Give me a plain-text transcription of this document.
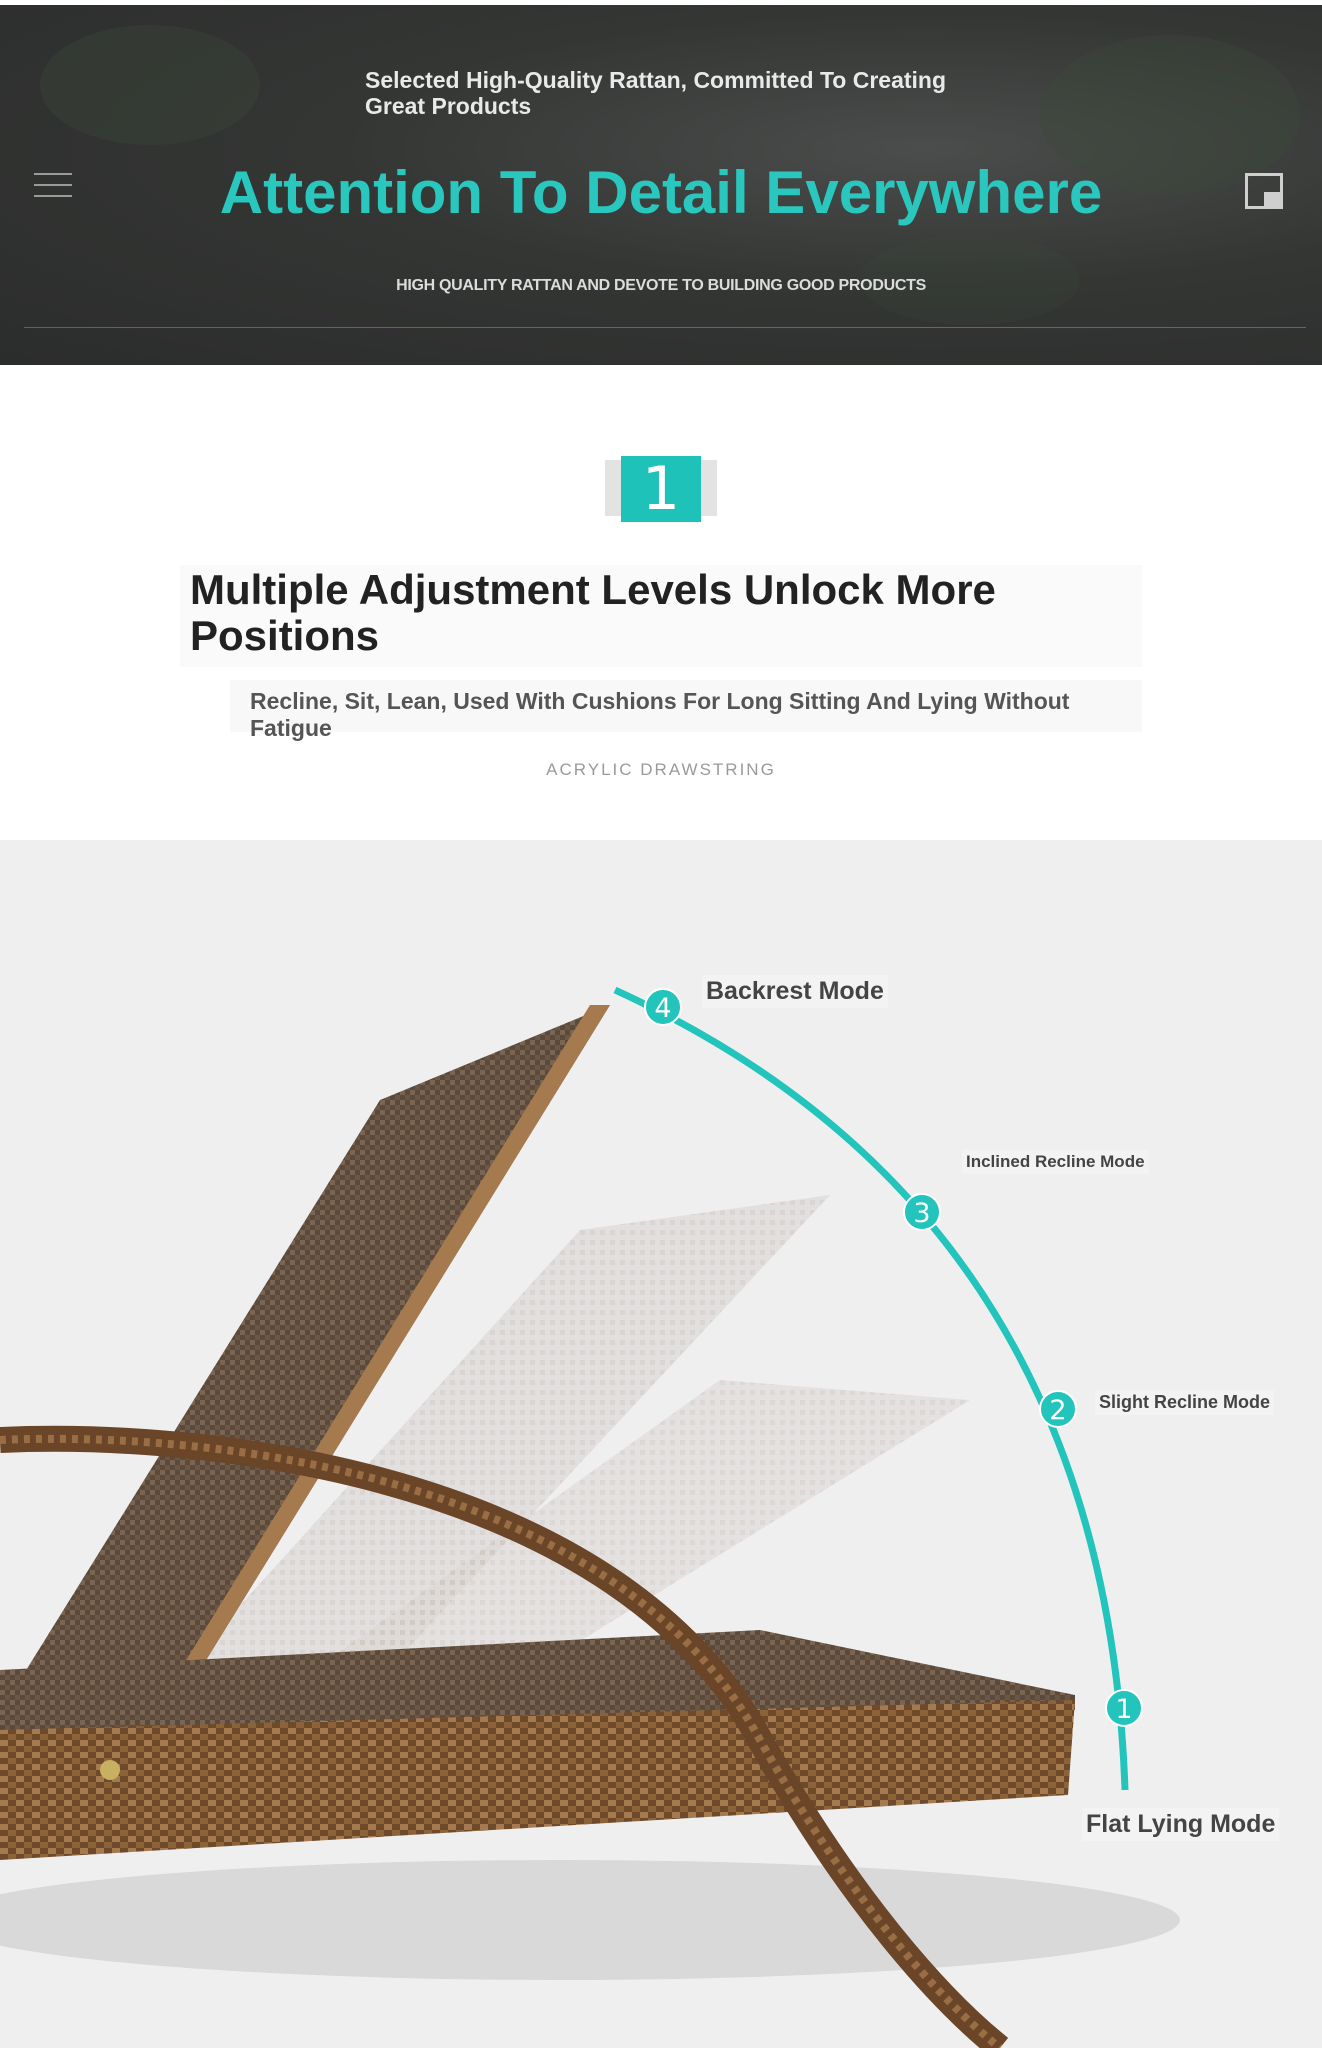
Selected High-Quality Rattan, Committed To Creating Great Products
Attention To Detail Everywhere
HIGH QUALITY RATTAN AND DEVOTE TO BUILDING GOOD PRODUCTS
1
Multiple Adjustment Levels Unlock More Positions

Recline, Sit, Lean, Used With Cushions For Long Sitting And Lying Without Fatigue

ACRYLIC DRAWSTRING
4
3
2
1
Backrest Mode
Inclined Recline Mode
Slight Recline Mode
Flat Lying Mode
